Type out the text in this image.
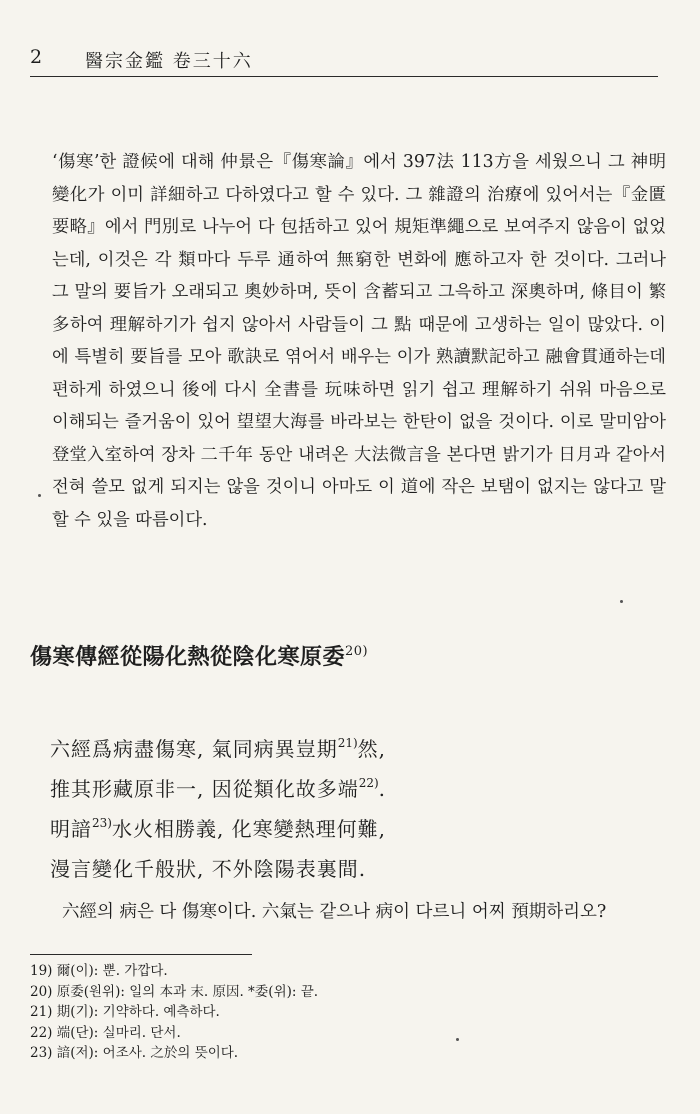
2 醫宗金鑑 卷三十六

‘傷寒’한 證候에 대해 仲景은『傷寒論』에서 397法 113方을 세웠으니 그 神明變化가 이미 詳細하고 다하였다고 할 수 있다. 그 雜證의 治療에 있어서는『金匱要略』에서 門別로 나누어 다 包括하고 있어 規矩準繩으로 보여주지 않음이 없었는데, 이것은 각 類마다 두루 通하여 無窮한 변화에 應하고자 한 것이다. 그러나 그 말의 要旨가 오래되고 奧妙하며, 뜻이 含蓄되고 그윽하고 深奧하며, 條目이 繁多하여 理解하기가 쉽지 않아서 사람들이 그 點 때문에 고생하는 일이 많았다. 이에 특별히 要旨를 모아 歌訣로 엮어서 배우는 이가 熟讀默記하고 融會貫通하는데 편하게 하였으니 後에 다시 全書를 玩味하면 읽기 쉽고 理解하기 쉬워 마음으로 이해되는 즐거움이 있어 望望大海를 바라보는 한탄이 없을 것이다. 이로 말미암아 登堂入室하여 장차 二千年 동안 내려온 大法微言을 본다면 밝기가 日月과 같아서 전혀 쓸모 없게 되지는 않을 것이니 아마도 이 道에 작은 보탬이 없지는 않다고 말할 수 있을 따름이다.

傷寒傳經從陽化熱從陰化寒原委$^{20)}$
六經爲病盡傷寒, 氣同病異豈期$^{21)}$然,
推其形藏原非一, 因從類化故多端$^{22)}$.
明諳$^{23)}$水火相勝義, 化寒變熱理何難,
漫言變化千般狀, 不外陰陽表裏間.
六經의 病은 다 傷寒이다. 六氣는 같으나 病이 다르니 어찌 預期하리오?
19) 爾(이): 뿐. 가깝다.
20) 原委(원위): 일의 本과 末. 原因. *委(위): 끝.
21) 期(기): 기약하다. 예측하다.
22) 端(단): 실마리. 단서.
23) 諳(저): 어조사. 之於의 뜻이다.
